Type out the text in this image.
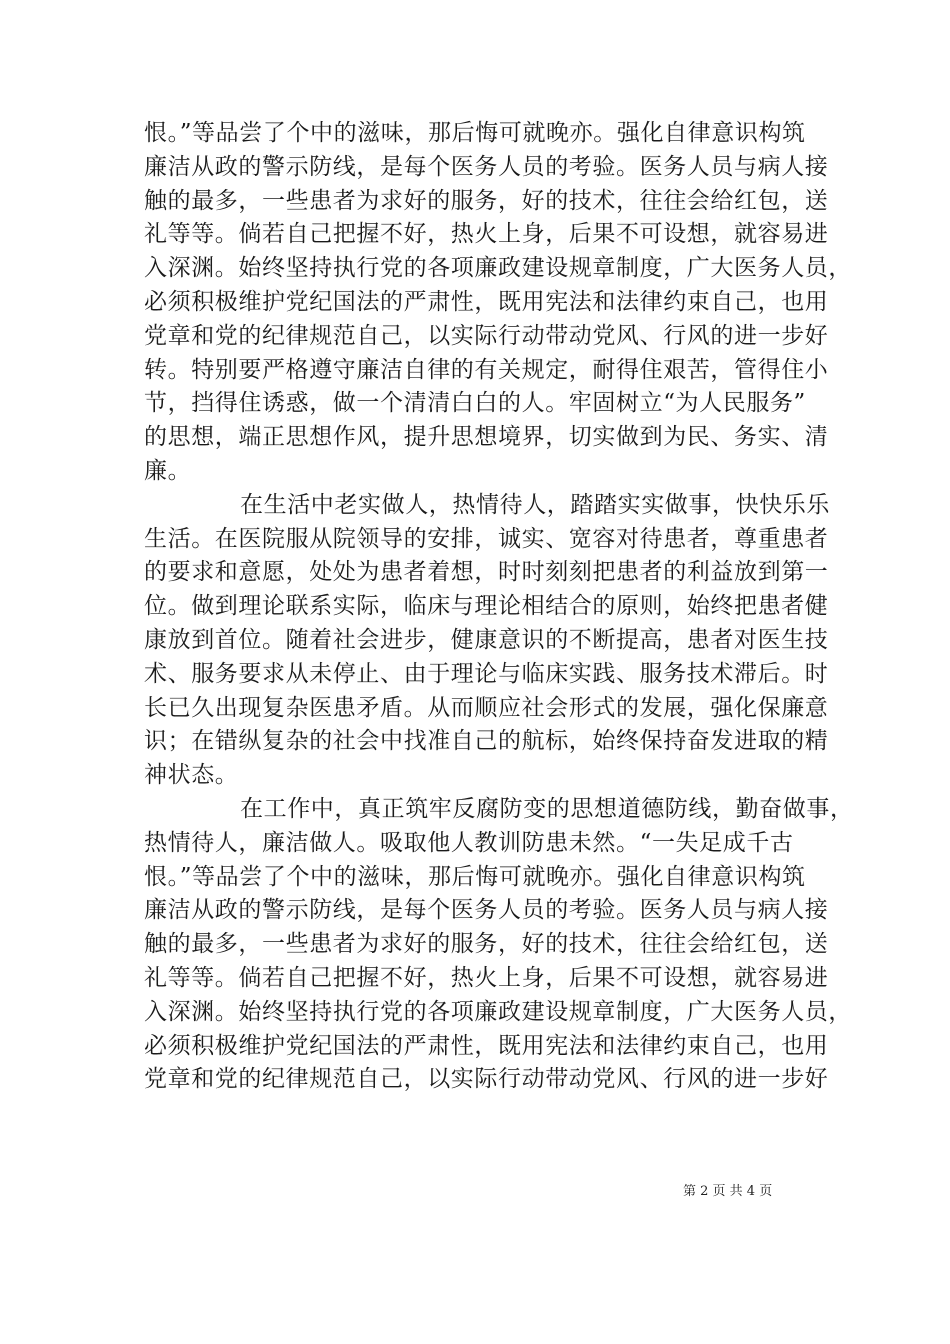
恨。”等品尝了个中的滋味，那后悔可就晚亦。强化自律意识构筑
廉洁从政的警示防线，是每个医务人员的考验。医务人员与病人接
触的最多，一些患者为求好的服务，好的技术，往往会给红包，送
礼等等。倘若自己把握不好，热火上身，后果不可设想，就容易进
入深渊。始终坚持执行党的各项廉政建设规章制度，广大医务人员，
必须积极维护党纪国法的严肃性，既用宪法和法律约束自己，也用
党章和党的纪律规范自己，以实际行动带动党风、行风的进一步好
转。特别要严格遵守廉洁自律的有关规定，耐得住艰苦，管得住小
节，挡得住诱惑，做一个清清白白的人。牢固树立“为人民服务”
的思想，端正思想作风，提升思想境界，切实做到为民、务实、清
廉。
在生活中老实做人，热情待人，踏踏实实做事，快快乐乐
生活。在医院服从院领导的安排，诚实、宽容对待患者，尊重患者
的要求和意愿，处处为患者着想，时时刻刻把患者的利益放到第一
位。做到理论联系实际，临床与理论相结合的原则，始终把患者健
康放到首位。随着社会进步，健康意识的不断提高，患者对医生技
术、服务要求从未停止、由于理论与临床实践、服务技术滞后。时
长已久出现复杂医患矛盾。从而顺应社会形式的发展，强化保廉意
识；在错纵复杂的社会中找准自己的航标，始终保持奋发进取的精
神状态。
在工作中，真正筑牢反腐防变的思想道德防线，勤奋做事，
热情待人，廉洁做人。吸取他人教训防患未然。“一失足成千古
恨。”等品尝了个中的滋味，那后悔可就晚亦。强化自律意识构筑
廉洁从政的警示防线，是每个医务人员的考验。医务人员与病人接
触的最多，一些患者为求好的服务，好的技术，往往会给红包，送
礼等等。倘若自己把握不好，热火上身，后果不可设想，就容易进
入深渊。始终坚持执行党的各项廉政建设规章制度，广大医务人员，
必须积极维护党纪国法的严肃性，既用宪法和法律约束自己，也用
党章和党的纪律规范自己，以实际行动带动党风、行风的进一步好
第 2 页 共 4 页
